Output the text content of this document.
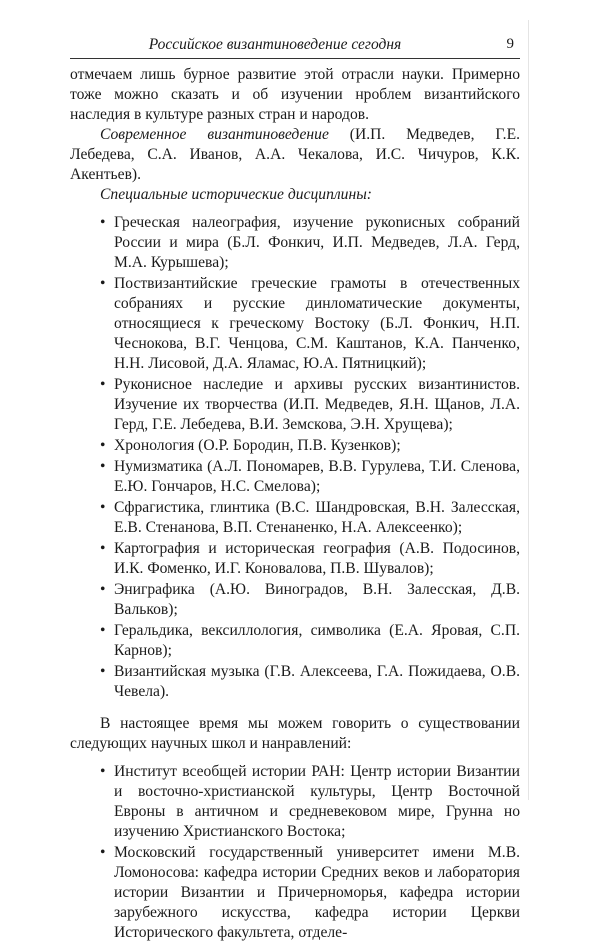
Российское византиноведение сегодня	9

отмечаем лишь бурное развитие этой отрасли науки. Примерно тоже можно сказать и об изучении нроблем византийского наследия в культуре разных стран и народов.

Современное византиноведение (И.П. Медведев, Г.Е. Лебедева, С.А. Иванов, А.А. Чекалова, И.С. Чичуров, К.К. Акентьев).

Специальные исторические дисциплины:

• Греческая налеография, изучение рукоnисных собраний России и мира (Б.Л. Фонкич, И.П. Медведев, Л.А. Герд, М.А. Курышева);
• Поствизантийские греческие грамоты в отечественных собраниях и русские динломатические документы, относящиеся к греческому Востоку (Б.Л. Фонкич, Н.П. Чеснокова, В.Г. Ченцова, С.М. Каштанов, К.А. Панченко, Н.Н. Лисовой, Д.А. Яламас, Ю.А. Пятницкий);
• Руконисное наследие и архивы русских византинистов. Изучение их творчества (И.П. Медведев, Я.Н. Щанов, Л.А. Герд, Г.Е. Лебедева, В.И. Земскова, Э.Н. Хрущева);
• Хронология (О.Р. Бородин, П.В. Кузенков);
• Нумизматика (А.Л. Пономарев, В.В. Гурулева, Т.И. Сленова, Е.Ю. Гончаров, Н.С. Смелова);
• Сфрагистика, глинтика (В.С. Шандровская, В.Н. Залесская, Е.В. Стенанова, В.П. Стенаненко, Н.А. Алексеенко);
• Картография и историческая география (А.В. Подосинов, И.К. Фоменко, И.Г. Коновалова, П.В. Шувалов);
• Эниграфика (А.Ю. Виноградов, В.Н. Залесская, Д.В. Вальков);
• Геральдика, вексиллология, символика (Е.А. Яровая, С.П. Карнов);
• Византийская музыка (Г.В. Алексеева, Г.А. Пожидаева, О.В. Чевела).

В настоящее время мы можем говорить о существовании следующих научных школ и нанравлений:

• Институт всеобщей истории РАН: Центр истории Византии и восточно-христианской культуры, Центр Восточной Евроны в античном и средневековом мире, Грунна но изучению Христианского Востока;
• Московский государственный университет имени М.В. Ломоносова: кафедра истории Средних веков и лаборатория истории Византии и Причерноморья, кафедра истории зарубежного искусства, кафедра истории Церкви Исторического факультета, отделе-
